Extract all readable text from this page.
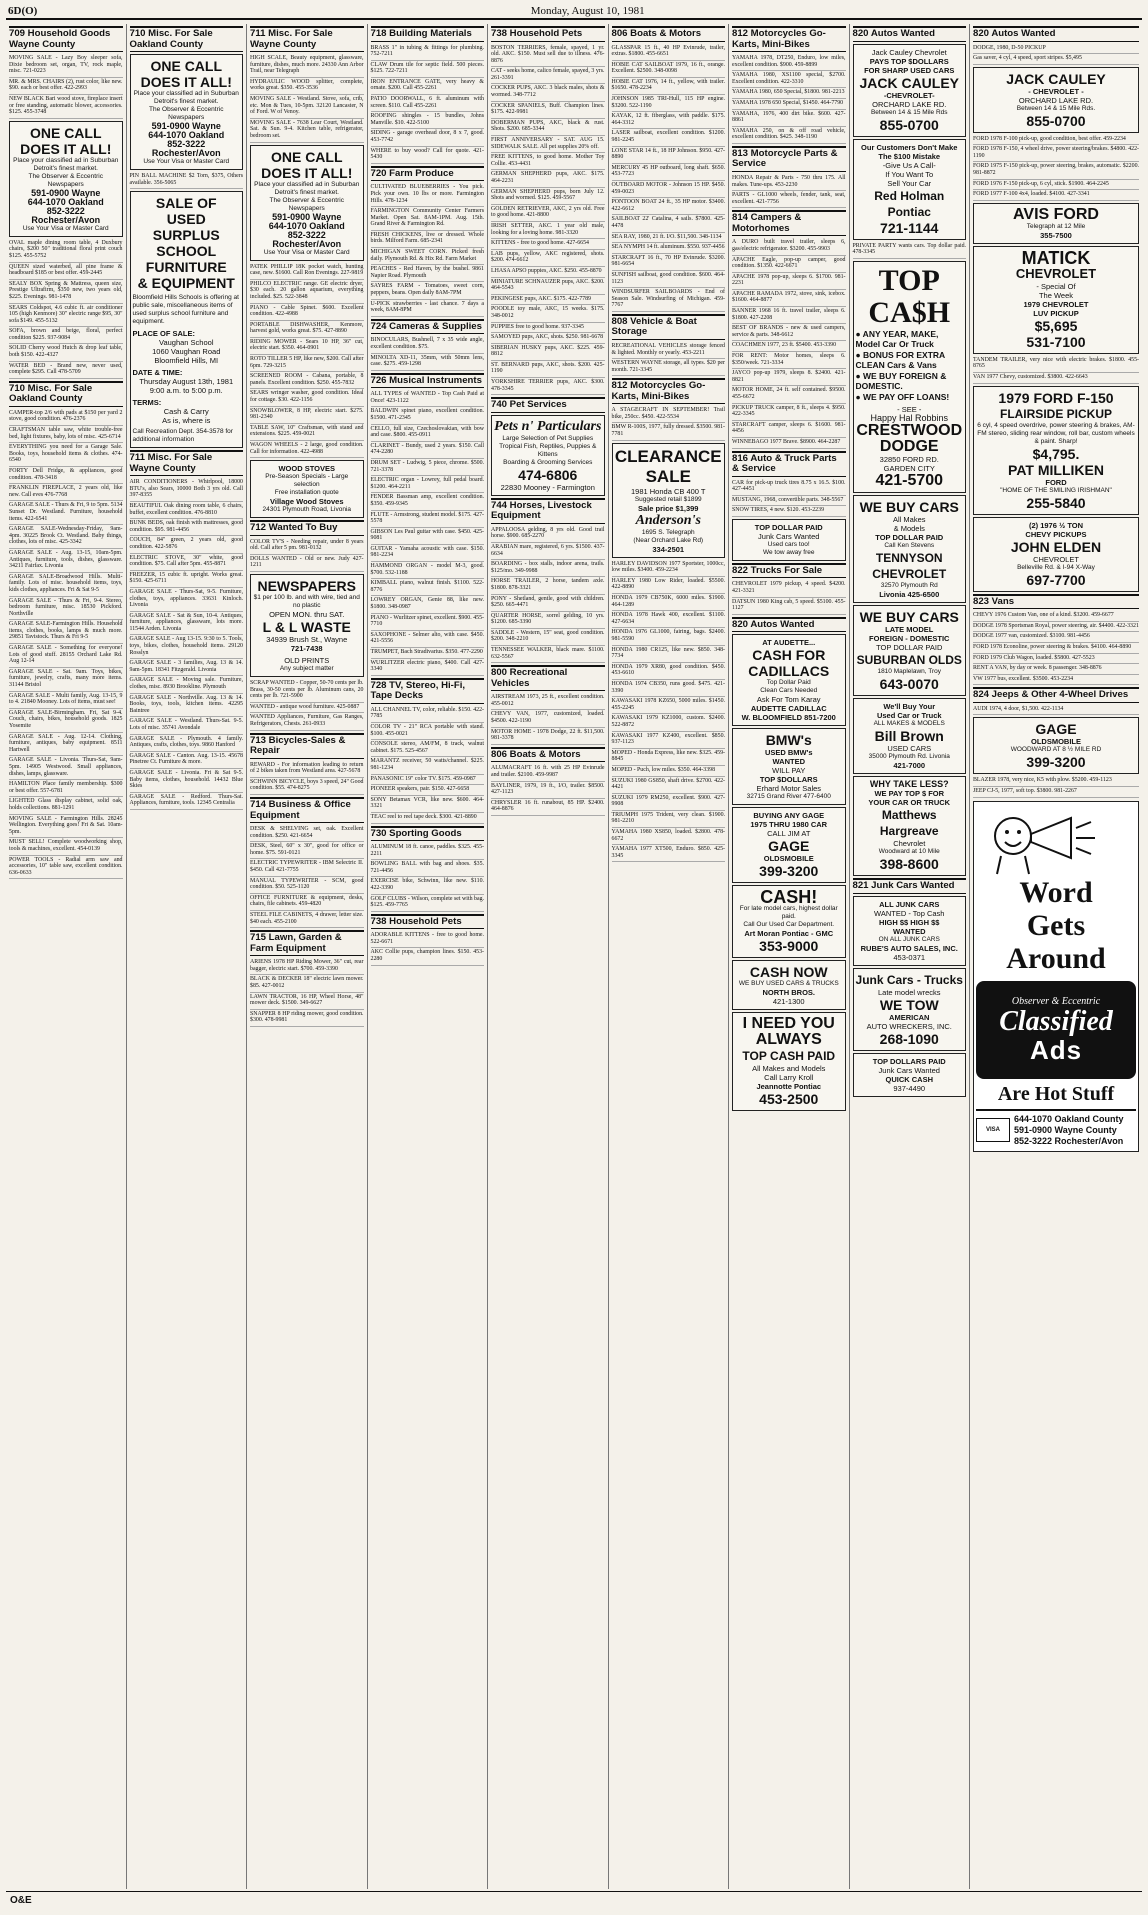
6D(O)	Monday, August 10, 1981
709 Household Goods Wayne County
MOVING SALE - Lazy Boy sleeper sofa, Dixie bedroom set, organ, TV, rock maple, misc. 721-0223
MR. & MRS. CHAIRS (2), rust color, like new. $90. each or best offer. 422-2993
NEW BLACK Bari wood stove, fireplace insert or free standing, automatic blower, accessories. $125. 455-3748
ONE CALL DOES IT ALL!
Place your classified ad in Suburban Detroit's finest market.
The Observer & Eccentric Newspapers
591-0900 Wayne
644-1070 Oakland
852-3222 Rochester/Avon
Use Your Visa or Master Card
OVAL maple dining room table, 4 Duxbury chairs, $200 50" traditional floral print couch $125. 455-5752
QUEEN sized waterbed, all pine frame & headboard $185 or best offer. 459-2445
SEALY BOX Spring & Mattress, queen size, Prestige Ultrafirm, $350 new, two years old, $225. Evenings. 981-1478
SEARS Coldspot, 4.6 cubic ft. air conditioner 105 (high Kenmore) 30" electric range $95, 30" sofa $149. 455-5132
SOFA, brown and beige, floral, perfect condition $225. 937-9084
SOLID Cherry wood Hutch & drop leaf table, both $150. 422-4327
WATER BED - Brand new, never used, complete $295. Call 478-5709
710 Misc. For Sale Oakland County
CAMPER-top 2/6 with pads at $150 per yard 2 stove, good condition. 476-2376
CRAFTSMAN table saw, white trouble-free bed, light fixtures, baby, lots of misc. 425-6714
EVERYTHING you need for a Garage Sale. Books, toys, household items & clothes. 474-6540
FORTY Dell Fridge, & appliances, good condition. 478-3418
FRANKLIN FIREPLACE, 2 years old, like new. Call eves 476-7768
GARAGE SALE - Thurs & Fri, 9 to 5pm. 5134 Sunset Dr. Westland. Furniture, household items. 422-6541
GARAGE SALE-Wednesday-Friday, 9am-4pm. 30225 Brook Ct. Westland. Baby things, clothes, lots of misc. 425-3342
GARAGE SALE - Aug. 13-15, 10am-5pm. Antiques, furniture, tools, dishes, glassware. 34211 Fairfax. Livonia
GARAGE SALE-Broadwood Hills. Multi-family. Lots of misc. household items, toys, kids clothes, appliances. Fri & Sat 9-5
GARAGE SALE - Thurs & Fri, 9-4. Stereo, bedroom furniture, misc. 18530 Pickford. Northville
GARAGE SALE-Farmington Hills. Household items, clothes, books, lamps & much more. 29851 Tavistock. Thurs & Fri 9-5
GARAGE SALE - Something for everyone! Lots of good stuff. 28155 Orchard Lake Rd. Aug 12-14
GARAGE SALE - Sat. 9am. Toys, bikes, furniture, jewelry, crafts, many more items. 31144 Bristol
GARAGE SALE - Multi family, Aug. 13-15, 9 to 4. 21840 Mooney. Lots of items, must see!
GARAGE SALE-Birmingham. Fri, Sat 9-4. Couch, chairs, bikes, household goods. 1825 Yosemite
GARAGE SALE - Aug. 12-14. Clothing, furniture, antiques, baby equipment. 8511 Hartwell
GARAGE SALE - Livonia. Thurs-Sat, 9am-5pm. 14905 Westwood. Small appliances, dishes, lamps, glassware.
HAMILTON Place family membership. $300 or best offer. 557-6781
LIGHTED Glass display cabinet, solid oak, holds collections. 881-1291
MOVING SALE - Farmington Hills. 28245 Wellington. Everything goes! Fri & Sat. 10am-5pm.
MUST SELL! Complete woodworking shop, tools & machines, excellent. 454-0139
POWER TOOLS - Radial arm saw and accessories, 10" table saw, excellent condition. 636-0633
710 Misc. For Sale Oakland County
ONE CALL DOES IT ALL!
Place your classified ad in Suburban Detroit's finest market.
The Observer & Eccentric Newspapers
591-0900 Wayne
644-1070 Oakland
852-3222 Rochester/Avon
Use Your Visa or Master Card
PIN BALL MACHINE $2 Torn, $375, Others available. 356-5065
SALE OF
USED SURPLUS
SCHOOL FURNITURE
& EQUIPMENT
Bloomfield Hills Schools is offering at public sale, miscellaneous items of used surplus school furniture and equipment.
PLACE OF SALE:
Vaughan School
1060 Vaughan Road
Bloomfield Hills, MI
DATE & TIME:
Thursday August 13th, 1981
9:00 a.m. to 5:00 p.m.
TERMS:
Cash & Carry
As is, where is
Call Recreation Dept. 354-3578 for additional information
711 Misc. For Sale Wayne County
AIR CONDITIONERS - Whirlpool, 18000 BTU's, also Sears, 10000 Both 3 yrs old. Call 397-8355
BEAUTIFUL Oak dining room table, 6 chairs, buffet, excellent condition. 476-8810
BUNK BEDS, oak finish with mattresses, good condition. $95. 981-4456
COUCH, 84" green, 2 years old, good condition. 422-5876
ELECTRIC STOVE, 30" white, good condition. $75. Call after 5pm. 455-8871
FREEZER, 15 cubic ft. upright. Works great. $150. 425-6711
GARAGE SALE - Thurs-Sat, 9-5. Furniture, clothes, toys, appliances. 33631 Kinloch. Livonia
GARAGE SALE - Sat & Sun, 10-4. Antiques, furniture, appliances, glassware, lots more. 11544 Arden. Livonia
GARAGE SALE - Aug 13-15. 9:30 to 5. Tools, toys, bikes, clothes, household items. 29120 Rosslyn
GARAGE SALE - 3 families, Aug. 13 & 14. 9am-5pm. 18341 Fitzgerald. Livonia
GARAGE SALE - Moving sale. Furniture, clothes, misc. 8930 Brookline. Plymouth
GARAGE SALE - Northville. Aug. 13 & 14. Books, toys, tools, kitchen items. 42295 Baintree
GARAGE SALE - Westland. Thurs-Sat. 9-5. Lots of misc. 35741 Avondale
GARAGE SALE - Plymouth. 4 family. Antiques, crafts, clothes, toys. 9860 Hanford
GARAGE SALE - Canton. Aug. 13-15. 45678 Pinetree Ct. Furniture & more.
GARAGE SALE - Livonia. Fri & Sat 9-5. Baby items, clothes, household. 14432 Blue Skies
GARAGE SALE - Redford. Thurs-Sat. Appliances, furniture, tools. 12345 Centralia
711 Misc. For Sale Wayne County
HIGH SCALE, Beauty equipment, glassware, furniture, dishes, much more. 24330 Ann Arbor Trail, near Telegraph
HYDRAULIC WOOD splitter, complete, works great. $350. 455-3536
MOVING SALE - Westland. Stove, sofa, crib, etc. Mon & Tues, 10-5pm. 32120 Lancaster, N of Ford. W of Venoy.
MOVING SALE - 7638 Lear Court, Westland. Sat. & Sun. 9-4. Kitchen table, refrigerator, bedroom set.
ONE CALL DOES IT ALL!
Place your classified ad in Suburban Detroit's finest market.
The Observer & Eccentric Newspapers
591-0900 Wayne
644-1070 Oakland
852-3222 Rochester/Avon
Use Your Visa or Master Card
PATEK PHILLIP 18K pocket watch, hunting case, new. $1600. Call Ron Evenings. 227-9819
PHILCO ELECTRIC range. GE electric dryer, $30 each. 20 gallon aquarium, everything included. $25. 522-3848
PIANO - Cable Spinet. $600. Excellent condition. 422-4988
PORTABLE DISHWASHER, Kenmore, harvest gold, works great. $75. 427-8890
RIDING MOWER - Sears 10 HP, 36" cut, electric start. $350. 464-0901
ROTO TILLER 5 HP, like new, $200. Call after 6pm. 729-3215
SCREENED ROOM - Cabana, portable, 8 panels. Excellent condition. $250. 455-7832
SEARS wringer washer, good condition. Ideal for cottage. $30. 422-1156
SNOWBLOWER, 8 HP, electric start. $275. 981-2340
TABLE SAW, 10" Craftsman, with stand and extensions. $225. 459-0021
WAGON WHEELS - 2 large, good condition. Call for information. 422-4988
WOOD STOVES
Pre-Season Specials - Large selection
Free installation quote
Village Wood Stoves
24301 Plymouth Road, Livonia
712 Wanted To Buy
COLOR TV'S - Needing repair, under 8 years old. Call after 5 pm. 981-0132
DOLLS WANTED - Old or new. Judy 427-1211
NEWSPAPERS
$1 per 100 lb. and with wire, tied and no plastic
OPEN MON. thru SAT.
L & L WASTE
34939 Brush St., Wayne
721-7438
OLD PRINTS
Any subject matter
SCRAP WANTED - Copper, 50-70 cents per lb. Brass, 30-50 cents per lb. Aluminum cans, 20 cents per lb. 721-5900
WANTED - antique wood furniture. 425-0887
WANTED Appliances, Furniture, Gas Ranges, Refrigerators, Chests. 261-0933
713 Bicycles-Sales & Repair
REWARD - For information leading to return of 2 bikes taken from Westland area. 427-5678
SCHWINN BICYCLE, boys 3 speed, 24" Good condition. $55. 474-8275
714 Business & Office Equipment
DESK & SHELVING set, oak. Excellent condition. $250. 421-6654
DESK, Steel, 60" x 30", good for office or home. $75. 591-0121
ELECTRIC TYPEWRITER - IBM Selectric II. $450. Call 421-7755
MANUAL TYPEWRITER - SCM, good condition. $50. 525-1120
OFFICE FURNITURE & equipment, desks, chairs, file cabinets. 459-4820
STEEL FILE CABINETS, 4 drawer, letter size. $40 each. 455-2100
715 Lawn, Garden & Farm Equipment
ARIENS 1978 HP Riding Mower, 36" cut, rear bagger, electric start. $700. 459-3390
BLACK & DECKER 18" electric lawn mower. $85. 427-0012
LAWN TRACTOR, 16 HP, Wheel Horse, 48" mower deck. $1500. 349-6627
SNAPPER 8 HP riding mower, good condition. $300. 478-9981
718 Building Materials
BRASS 1" in tubing & fittings for plumbing. 752-7211
CLAW Drum tile for septic field. 500 pieces. $125. 722-7211
IRON ENTRANCE GATE, very heavy & ornate. $200. Call 455-2261
PATIO DOORWALL, 6 ft. aluminum with screen. $110. Call 455-2261
ROOFING shingles - 15 bundles, Johns Manville. $10. 422-5100
SIDING - garage overhead door, 8 x 7, good. 453-7742
WHERE to buy wood? Call for quote. 421-5430
720 Farm Produce
CULTIVATED BLUEBERRIES - You pick. Pick your own. 10 lbs or more. Farmington Hills. 478-1234
FARMINGTON Community Center Farmers Market. Open Sat. 8AM-1PM. Aug. 15th. Grand River & Farmington Rd.
FRESH CHICKENS, live or dressed. Whole birds. Milford Farm. 685-2341
MICHIGAN SWEET CORN. Picked fresh daily. Plymouth Rd. & Hix Rd. Farm Market
PEACHES - Red Haven, by the bushel. 9861 Napier Road. Plymouth
SAYRES FARM - Tomatoes, sweet corn, peppers, beans. Open daily 8AM-7PM
U-PICK strawberries - last chance. 7 days a week, 8AM-8PM
724 Cameras & Supplies
BINOCULARS, Bushnell, 7 x 35 wide angle, excellent condition. $75.
MINOLTA XD-11, 35mm, with 50mm lens, case. $275. 459-1298
726 Musical Instruments
ALL TYPES of WANTED - Top Cash Paid at Once! 423-1122
BALDWIN spinet piano, excellent condition. $1500. 471-2345
CELLO, full size, Czechoslovakian, with bow and case. $800. 455-0911
CLARINET - Bundy, used 2 years. $150. Call 474-2280
DRUM SET - Ludwig, 5 piece, chrome. $500. 721-3378
ELECTRIC organ - Lowrey, full pedal board. $1200. 464-2211
FENDER Bassman amp, excellent condition. $350. 459-9345
FLUTE - Armstrong, student model. $175. 427-5578
GIBSON Les Paul guitar with case. $450. 425-9081
GUITAR - Yamaha acoustic with case. $150. 981-2234
HAMMOND ORGAN - model M-3, good. $700. 532-1188
KIMBALL piano, walnut finish. $1100. 522-8776
LOWREY ORGAN, Genie 88, like new. $1800. 348-0987
PIANO - Wurlitzer spinet, excellent. $900. 455-7710
SAXOPHONE - Selmer alto, with case. $450. 421-5556
TRUMPET, Bach Stradivarius. $350. 477-2290
WURLITZER electric piano, $400. Call 427-3340
728 TV, Stereo, Hi-Fi, Tape Decks
ALL CHANNEL TV, color, reliable. $150. 422-7785
COLOR TV - 21" RCA portable with stand. $100. 455-0021
CONSOLE stereo, AM/FM, 8 track, walnut cabinet. $175. 525-4567
MARANTZ receiver, 50 watts/channel. $225. 981-1234
PANASONIC 19" color TV. $175. 459-0987
PIONEER speakers, pair. $150. 427-6658
SONY Betamax VCR, like new. $600. 464-3321
TEAC reel to reel tape deck. $300. 421-8890
730 Sporting Goods
ALUMINUM 18 ft. canoe, paddles. $325. 455-2211
BOWLING BALL with bag and shoes. $35. 721-4456
EXERCISE bike, Schwinn, like new. $110. 422-3390
GOLF CLUBS - Wilson, complete set with bag. $125. 459-7765
738 Household Pets
ADORABLE KITTENS - free to good home. 522-6671
AKC Collie pups, champion lines. $150. 453-2280
738 Household Pets
BOSTON TERRIERS, female, spayed, 1 yr. old. AKC. $150. Must sell due to illness. 476-8876
CAT - seeks home, calico female, spayed, 3 yrs. 261-3391
COCKER PUPS, AKC. 3 black males, shots & wormed. 348-7712
COCKER SPANIELS, Buff. Champion lines. $175. 422-9981
DOBERMAN PUPS, AKC, black & rust. Shots. $200. 685-3344
FIRST ANNIVERSARY - SAT. AUG 15. SIDEWALK SALE. All pet supplies 20% off.
FREE KITTENS, to good home. Mother Toy Collie. 453-4431
GERMAN SHEPHERD pups, AKC. $175. 464-2231
GERMAN SHEPHERD pups, born July 12. Shots and wormed. $125. 459-5567
GOLDEN RETRIEVER, AKC, 2 yrs old. Free to good home. 421-8800
IRISH SETTER, AKC. 1 year old male, looking for a loving home. 981-3320
KITTENS - free to good home. 427-6654
LAB pups, yellow, AKC registered, shots. $200. 474-6612
LHASA APSO puppies, AKC. $250. 455-8870
MINIATURE SCHNAUZER pups, AKC. $200. 464-5543
PEKINGESE pups, AKC. $175. 422-7789
POODLE toy male, AKC, 15 weeks. $175. 348-0012
PUPPIES free to good home. 937-3345
SAMOYED pups, AKC, shots. $250. 981-6678
SIBERIAN HUSKY pups, AKC. $225. 459-8812
ST. BERNARD pups, AKC, shots. $200. 425-1190
YORKSHIRE TERRIER pups, AKC. $300. 478-3345
740 Pet Services
Pets n' Particulars
Large Selection of Pet Supplies
Tropical Fish, Reptiles, Puppies & Kittens
Boarding & Grooming Services
474-6806
22830 Mooney - Farmington
744 Horses, Livestock Equipment
APPALOOSA gelding, 8 yrs old. Good trail horse. $900. 685-2270
ARABIAN mare, registered, 6 yrs. $1500. 437-6634
BOARDING - box stalls, indoor arena, trails. $125/mo. 349-9988
HORSE TRAILER, 2 horse, tandem axle. $1800. 878-3321
PONY - Shetland, gentle, good with children. $250. 665-4471
QUARTER HORSE, sorrel gelding, 10 yrs. $1200. 685-3390
SADDLE - Western, 15" seat, good condition. $200. 348-2210
TENNESSEE WALKER, black mare. $1100. 632-5567
800 Recreational Vehicles
AIRSTREAM 1973, 25 ft., excellent condition. 455-0012
CHEVY VAN, 1977, customized, loaded. $4500. 422-1190
MOTOR HOME - 1978 Dodge, 22 ft. $11,500. 981-3378
806 Boats & Motors
ALUMACRAFT 16 ft. with 25 HP Evinrude and trailer. $2100. 459-9987
BAYLINER, 1979, 19 ft., I/O, trailer. $8500. 427-1123
CHRYSLER 16 ft. runabout, 85 HP. $2400. 464-8876
806 Boats & Motors
GLASSPAR 15 ft., 40 HP Evinrude, trailer, extras. $1800. 455-6651
HOBIE CAT SAILBOAT 1979, 16 ft., orange. Excellent. $2500. 348-0098
HOBIE CAT 1976, 14 ft., yellow, with trailer. $1650. 478-2234
JOHNSON 1985 TRI-Hull, 115 HP engine. $3200. 522-1190
KAYAK, 12 ft. fiberglass, with paddle. $175. 464-3312
LASER sailboat, excellent condition. $1200. 981-2245
LONE STAR 14 ft., 18 HP Johnson. $950. 427-8890
MERCURY 45 HP outboard, long shaft. $650. 453-7723
OUTBOARD MOTOR - Johnson 15 HP. $450. 459-0023
PONTOON BOAT 24 ft., 35 HP motor. $3400. 422-6612
SAILBOAT 22' Catalina, 4 sails. $7800. 425-4478
SEA RAY, 1980, 21 ft. I/O. $11,500. 348-1134
SEA NYMPH 14 ft. aluminum. $550. 937-4456
STARCRAFT 16 ft., 70 HP Evinrude. $3200. 981-6654
SUNFISH sailboat, good condition. $600. 464-1123
WINDSURFER SAILBOARDS - End of Season Sale. Windsurfing of Michigan. 459-7767
808 Vehicle & Boat Storage
RECREATIONAL VEHICLES storage fenced & lighted. Monthly or yearly. 453-2211
WESTERN WAYNE storage, all types. $20 per month. 721-3345
812 Motorcycles Go-Karts, Mini-Bikes
A STAGECRAFT IN SEPTEMBER! Trail bike, 250cc. $450. 422-5534
BMW R-100S, 1977, fully dressed. $3500. 981-7781
CLEARANCE SALE
1981 Honda CB 400 T
Suggested retail $1899
Sale price $1,399
Anderson's
1695 S. Telegraph
(Near Orchard Lake Rd)
334-2501
HARLEY DAVIDSON 1977 Sportster, 1000cc, low miles. $3400. 459-2234
HARLEY 1980 Low Rider, loaded. $5500. 422-8890
HONDA 1979 CB750K, 6000 miles. $1900. 464-1289
HONDA 1978 Hawk 400, excellent. $1100. 427-6634
HONDA 1976 GL1000, fairing, bags. $2400. 981-5590
HONDA 1980 CR125, like new. $850. 348-7734
HONDA 1979 XR80, good condition. $450. 453-6610
HONDA 1974 CB350, runs good. $475. 421-3390
KAWASAKI 1978 KZ650, 5000 miles. $1450. 455-2245
KAWASAKI 1979 KZ1000, custom. $2400. 522-8872
KAWASAKI 1977 KZ400, excellent. $850. 937-1123
MOPED - Honda Express, like new. $325. 459-8845
MOPED - Puch, low miles. $350. 464-3398
SUZUKI 1980 GS850, shaft drive. $2700. 422-4421
SUZUKI 1979 RM250, excellent. $900. 427-9908
TRIUMPH 1975 Trident, very clean. $1900. 981-2210
YAMAHA 1980 XS850, loaded. $2800. 478-6672
YAMAHA 1977 XT500, Enduro. $850. 425-3345
812 Motorcycles Go-Karts, Mini-Bikes
YAMAHA 1978, DT250, Enduro, low miles, excellent condition. $900. 459-8899
YAMAHA 1980, XS1100 special, $2700. Excellent condition. 422-3310
YAMAHA 1980, 650 Special, $1800. 981-2213
YAMAHA 1978 650 Special, $1450. 464-7790
YAMAHA, 1976, 400 dirt bike. $600. 427-8861
YAMAHA 250, on & off road vehicle, excellent condition. $425. 348-1190
813 Motorcycle Parts & Service
HONDA Repair & Parts - 750 thru 175. All makes. Tune-ups. 453-2230
PARTS - GL1000 wheels, fender, tank, seat, excellent. 421-7756
814 Campers & Motorhomes
A DURO built travel trailer, sleeps 6, gas/electric refrigerator. $3200. 455-9903
APACHE Eagle, pop-up camper, good condition. $1350. 422-6671
APACHE 1978 pop-up, sleeps 6. $1700. 981-2231
APACHE RAMADA 1972, stove, sink, icebox. $1600. 464-8877
BANNER 1968 16 ft. travel trailer, sleeps 6. $1800. 427-2208
BEST OF BRANDS - new & used campers, service & parts. 348-6612
COACHMEN 1977, 23 ft. $5400. 453-3390
FOR RENT: Motor homes, sleeps 6. $350/week. 721-3334
JAYCO pop-up 1979, sleeps 8. $2400. 421-8821
MOTOR HOME, 24 ft. self contained. $9500. 455-6672
PICKUP TRUCK camper, 8 ft., sleeps 4. $950. 422-3345
STARCRAFT camper, sleeps 6. $1600. 981-4456
WINNEBAGO 1977 Brave. $8900. 464-2287
816 Auto & Truck Parts & Service
CAR for pick-up truck tires 8.75 x 16.5. $100. 427-4451
MUSTANG, 1968, convertible parts. 348-5567
SNOW TIRES, 4 new. $120. 453-2239
TOP DOLLAR PAID
Junk Cars Wanted
Used cars too!
We tow away free
822 Trucks For Sale
CHEVROLET 1979 pickup, 4 speed. $4200. 421-3321
DATSUN 1980 King cab, 5 speed. $5100. 455-1127
820 Autos Wanted
AT AUDETTE...
CASH FOR
CADILLACS
Top Dollar Paid
Clean Cars Needed
Ask For Tom Karay
AUDETTE CADILLAC
W. BLOOMFIELD 851-7200
BMW's
USED BMW's
WANTED
WILL PAY
TOP $DOLLARS
Erhard Motor Sales
32715 Grand River 477-6400
BUYING ANY GAGE
1975 THRU 1980 CAR
CALL JIM AT
GAGE
OLDSMOBILE
399-3200
CASH!
For late model cars, highest dollar paid.
Call Our Used Car Department.
Art Moran Pontiac - GMC
353-9000
CASH NOW
WE BUY USED CARS & TRUCKS
NORTH BROS.
421-1300
I NEED YOU
ALWAYS
TOP CASH PAID
All Makes and Models
Call Larry Kroll
Jeannotte Pontiac
453-2500
820 Autos Wanted
Jack Cauley Chevrolet
PAYS TOP $DOLLARS
FOR SHARP USED CARS
JACK CAULEY
-CHEVROLET-
ORCHARD LAKE RD.
Between 14 & 15 Mile Rds
855-0700
Our Customers Don't Make The $100 Mistake
-Give Us A Call-
If You Want To
Sell Your Car
Red Holman Pontiac
721-1144
PRIVATE PARTY wants cars. Top dollar paid. 478-3345
TOP
CA$H
● ANY YEAR, MAKE, Model Car Or Truck
● BONUS FOR EXTRA CLEAN Cars & Vans
● WE BUY FOREIGN & DOMESTIC.
● WE PAY OFF LOANS!
- SEE -
Happy Hal Robbins
CRESTWOOD
DODGE
32850 FORD RD.
GARDEN CITY
421-5700
WE BUY CARS
All Makes
& Models
TOP DOLLAR PAID
Call Ken Stevens
TENNYSON
CHEVROLET
32570 Plymouth Rd
Livonia 425-6500
WE BUY CARS
LATE MODEL
FOREIGN - DOMESTIC
TOP DOLLAR PAID
SUBURBAN OLDS
1810 Maplelawn, Troy
643-0070
We'll Buy Your
Used Car or Truck
ALL MAKES & MODELS
Bill Brown
USED CARS
35000 Plymouth Rd. Livonia
421-7000
WHY TAKE LESS?
WE PAY TOP $ FOR
YOUR CAR OR TRUCK
Matthews Hargreave
Chevrolet
Woodward at 10 Mile
398-8600
821 Junk Cars Wanted
ALL JUNK CARS
WANTED - Top Cash
HIGH $$ HIGH $$
WANTED
ON ALL JUNK CARS
RUBE'S AUTO SALES, INC.
453-0371
Junk Cars - Trucks
Late model wrecks
WE TOW
AMERICAN
AUTO WRECKERS, INC.
268-1090
TOP DOLLARS PAID
Junk Cars Wanted
QUICK CASH
937-4490
820 Autos Wanted
DODGE, 1980, D-50 PICKUP
Gas saver, 4 cyl, 4 speed, sport stripes. $5,495
JACK CAULEY
- CHEVROLET -
ORCHARD LAKE RD.
Between 14 & 15 Mile Rds.
855-0700
FORD 1978 F-100 pick-up, good condition, best offer. 459-2234
FORD 1978 F-150, 4 wheel drive, power steering/brakes. $4800. 422-1190
FORD 1975 F-150 pick-up, power steering, brakes, automatic. $2200. 981-8872
FORD 1976 F-150 pick-up, 6 cyl, stick. $1900. 464-2245
FORD 1977 F-100 4x4, loaded. $4100. 427-3341
AVIS FORD
Telegraph at 12 Mile
355-7500
MATICK
CHEVROLET
- Special Of
The Week
1979 CHEVROLET
LUV PICKUP
$5,695
531-7100
TANDEM TRAILER, very nice with electric brakes. $1800. 455-8765
VAN 1977 Chevy, customized. $3800. 422-6643
1979 FORD F-150
FLAIRSIDE PICKUP
6 cyl, 4 speed overdrive, power steering & brakes, AM-FM stereo, sliding rear window, roll bar, custom wheels & paint. Sharp!
$4,795.
PAT MILLIKEN
FORD
"HOME OF THE SMILING IRISHMAN"
255-5840
(2) 1976 ½ TON
CHEVY PICKUPS
JOHN ELDEN
CHEVROLET
Belleville Rd. & I-94 X-Way
697-7700
823 Vans
CHEVY 1976 Custom Van, one of a kind. $3200. 459-6677
DODGE 1978 Sportsman Royal, power steering, air. $4400. 422-3321
DODGE 1977 van, customized. $3100. 981-4456
FORD 1978 Econoline, power steering & brakes. $4100. 464-8890
FORD 1979 Club Wagon, loaded. $5800. 427-5523
RENT A VAN, by day or week. 8 passenger. 348-8876
VW 1977 bus, excellent. $3500. 453-2234
824 Jeeps & Other 4-Wheel Drives
AUDI 1974, 4 door, $1,500. 422-1134
GAGE
OLDSMOBILE
WOODWARD AT 8 ½ MILE RD
399-3200
BLAZER 1978, very nice, K5 with plow. $5200. 459-1123
JEEP CJ-5, 1977, soft top. $3800. 981-2267
Word
Gets
Around
Observer & Eccentric
Classified
Ads
Are Hot Stuff
VISA
644-1070 Oakland County
591-0900 Wayne County
852-3222 Rochester/Avon
O&E
